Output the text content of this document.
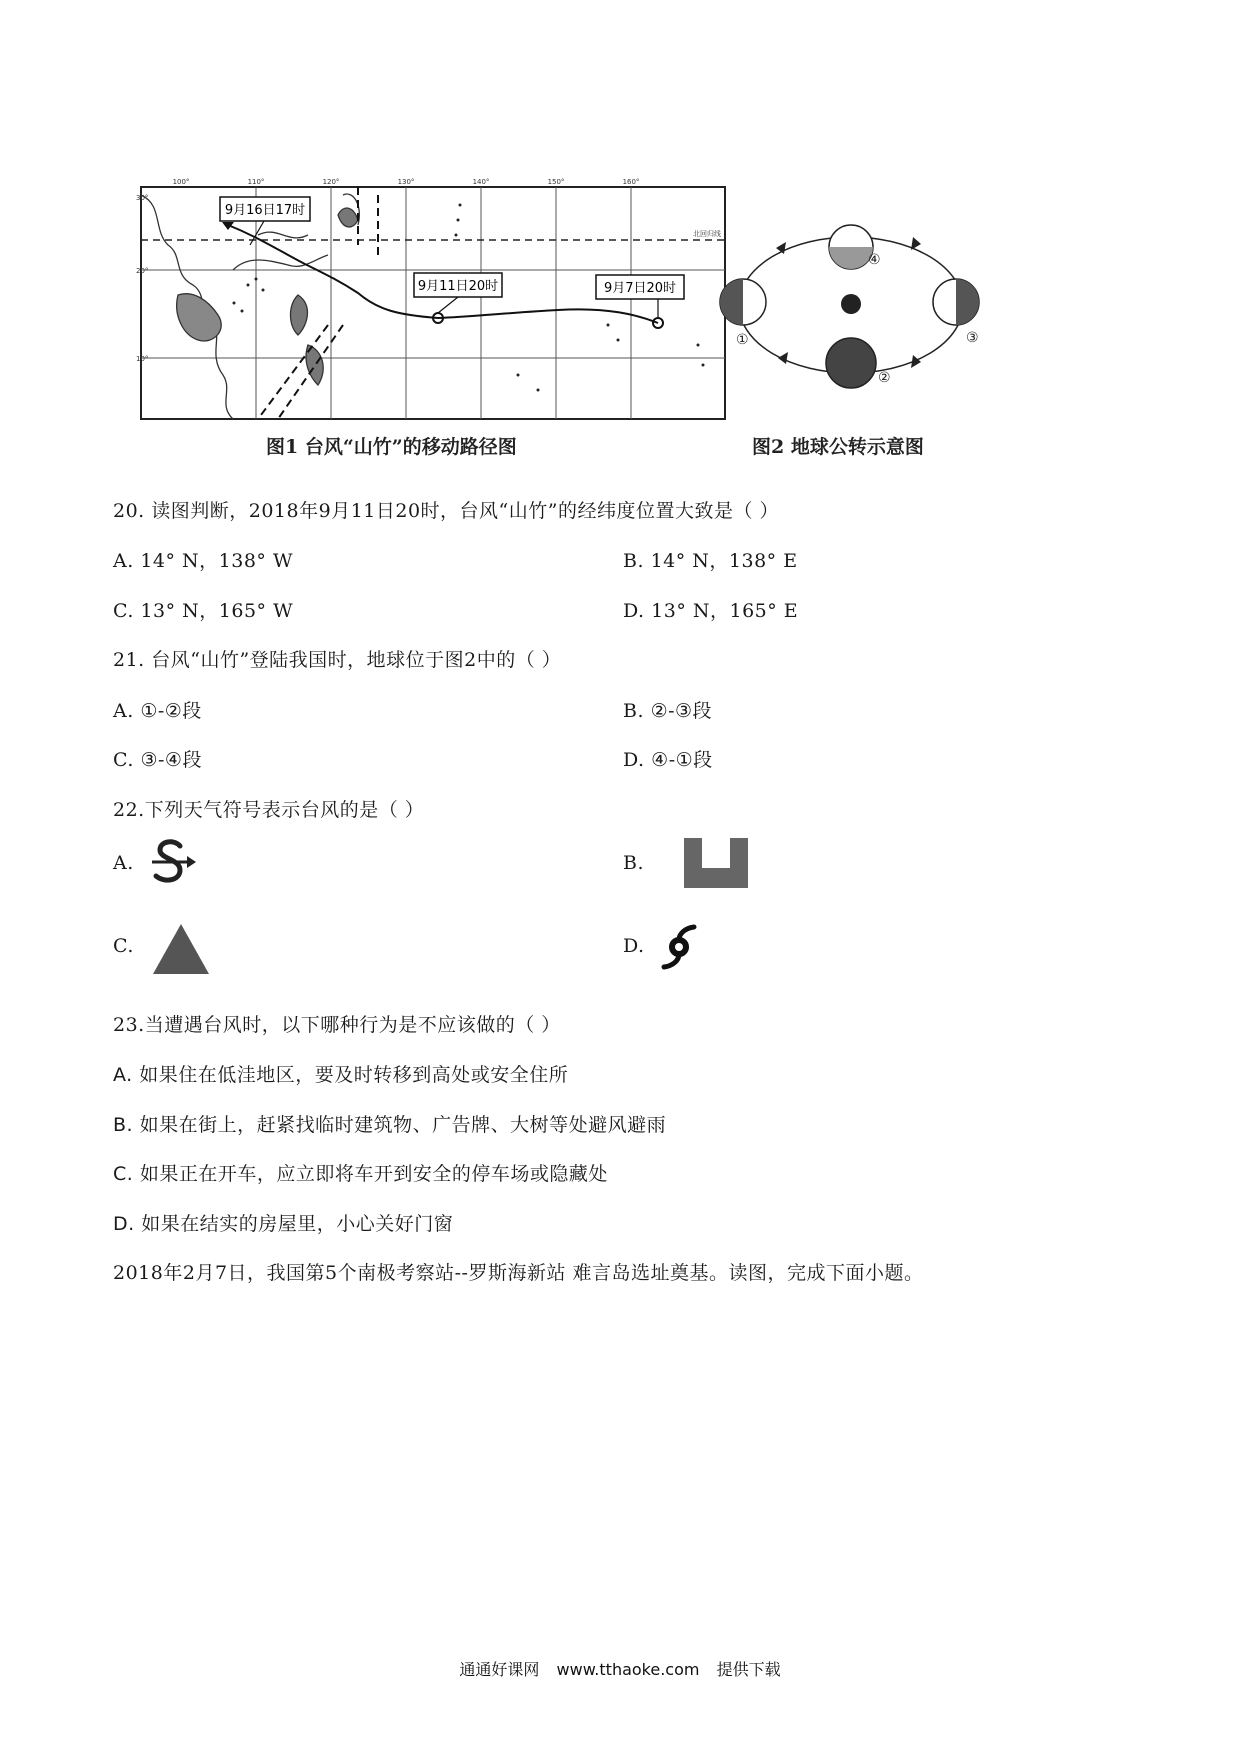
9月16日17时
9月11日20时	9月7日20时
100°	110°	120°	130°	140°	150°	160°
30°
20°
10°
北回归线
图1 台风“山竹”的移动路径图
①
②
③
④
图2 地球公转示意图
20. 读图判断，2018年9月11日20时，台风“山竹”的经纬度位置大致是（ ）
A. 14° N，138° W	B. 14° N，138° E
C. 13° N，165° W	D. 13° N，165° E
21. 台风“山竹”登陆我国时，地球位于图2中的（ ）
A. ①-②段	B. ②-③段
C. ③-④段	D. ④-①段
22.下列天气符号表示台风的是（ ）
A.	B.
C.	D.
23.当遭遇台风时，以下哪种行为是不应该做的（ ）
A. 如果住在低洼地区，要及时转移到高处或安全住所
B. 如果在街上，赶紧找临时建筑物、广告牌、大树等处避风避雨
C. 如果正在开车，应立即将车开到安全的停车场或隐藏处
D. 如果在结实的房屋里，小心关好门窗
2018年2月7日，我国第5个南极考察站--罗斯海新站 难言岛选址奠基。读图，完成下面小题。
通通好课网 www.tthaoke.com 提供下载
